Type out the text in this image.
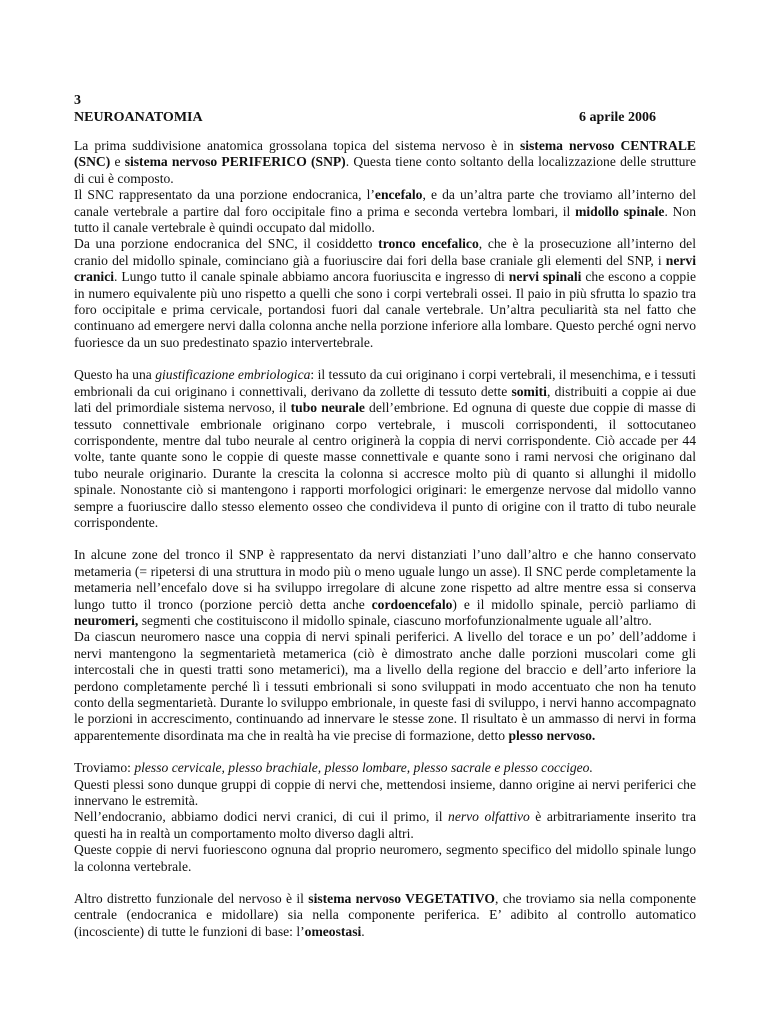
3
NEUROANATOMIA	6 aprile 2006

La prima suddivisione anatomica grossolana topica del sistema nervoso è in sistema nervoso CENTRALE (SNC) e sistema nervoso PERIFERICO (SNP). Questa tiene conto soltanto della localizzazione delle strutture di cui è composto.

Il SNC rappresentato da una porzione endocranica, l’encefalo, e da un’altra parte che troviamo all’interno del canale vertebrale a partire dal foro occipitale fino a prima e seconda vertebra lombari, il midollo spinale. Non tutto il canale vertebrale è quindi occupato dal midollo.

Da una porzione endocranica del SNC, il cosiddetto tronco encefalico, che è la prosecuzione all’interno del cranio del midollo spinale, cominciano già a fuoriuscire dai fori della base craniale gli elementi del SNP, i nervi cranici. Lungo tutto il canale spinale abbiamo ancora fuoriuscita e ingresso di nervi spinali che escono a coppie in numero equivalente più uno rispetto a quelli che sono i corpi vertebrali ossei. Il paio in più sfrutta lo spazio tra foro occipitale e prima cervicale, portandosi fuori dal canale vertebrale. Un’altra peculiarità sta nel fatto che continuano ad emergere nervi dalla colonna anche nella porzione inferiore alla lombare. Questo perché ogni nervo fuoriesce da un suo predestinato spazio intervertebrale.

Questo ha una giustificazione embriologica: il tessuto da cui originano i corpi vertebrali, il mesenchima, e i tessuti embrionali da cui originano i connettivali, derivano da zollette di tessuto dette somiti, distribuiti a coppie ai due lati del primordiale sistema nervoso, il tubo neurale dell’embrione. Ed ognuna di queste due coppie di masse di tessuto connettivale embrionale originano corpo vertebrale, i muscoli corrispondenti, il sottocutaneo corrispondente, mentre dal tubo neurale al centro originerà la coppia di nervi corrispondente. Ciò accade per 44 volte, tante quante sono le coppie di queste masse connettivale e quante sono i rami nervosi che originano dal tubo neurale originario. Durante la crescita la colonna si accresce molto più di quanto si allunghi il midollo spinale. Nonostante ciò si mantengono i rapporti morfologici originari: le emergenze nervose dal midollo vanno sempre a fuoriuscire dallo stesso elemento osseo che condivideva il punto di origine con il tratto di tubo neurale corrispondente.

In alcune zone del tronco il SNP è rappresentato da nervi distanziati l’uno dall’altro e che hanno conservato metameria (= ripetersi di una struttura in modo più o meno uguale lungo un asse). Il SNC perde completamente la metameria nell’encefalo dove si ha sviluppo irregolare di alcune zone rispetto ad altre mentre essa si conserva lungo tutto il tronco (porzione perciò detta anche cordoencefalo) e il midollo spinale, perciò parliamo di neuromeri, segmenti che costituiscono il midollo spinale, ciascuno morfofunzionalmente uguale all’altro.

Da ciascun neuromero nasce una coppia di nervi spinali periferici. A livello del torace e un po’ dell’addome i nervi mantengono la segmentarietà metamerica (ciò è dimostrato anche dalle porzioni muscolari come gli intercostali che in questi tratti sono metamerici), ma a livello della regione del braccio e dell’arto inferiore la perdono completamente perché lì i tessuti embrionali si sono sviluppati in modo accentuato che non ha tenuto conto della segmentarietà. Durante lo sviluppo embrionale, in queste fasi di sviluppo, i nervi hanno accompagnato le porzioni in accrescimento, continuando ad innervare le stesse zone. Il risultato è un ammasso di nervi in forma apparentemente disordinata ma che in realtà ha vie precise di formazione, detto plesso nervoso.

Troviamo: plesso cervicale, plesso brachiale, plesso lombare, plesso sacrale e plesso coccigeo.

Questi plessi sono dunque gruppi di coppie di nervi che, mettendosi insieme, danno origine ai nervi periferici che innervano le estremità.

Nell’endocranio, abbiamo dodici nervi cranici, di cui il primo, il nervo olfattivo è arbitrariamente inserito tra questi ha in realtà un comportamento molto diverso dagli altri.

Queste coppie di nervi fuoriescono ognuna dal proprio neuromero, segmento specifico del midollo spinale lungo la colonna vertebrale.

Altro distretto funzionale del nervoso è il sistema nervoso VEGETATIVO, che troviamo sia nella componente centrale (endocranica e midollare) sia nella componente periferica. E’ adibito al controllo automatico (incosciente) di tutte le funzioni di base: l’omeostasi.
